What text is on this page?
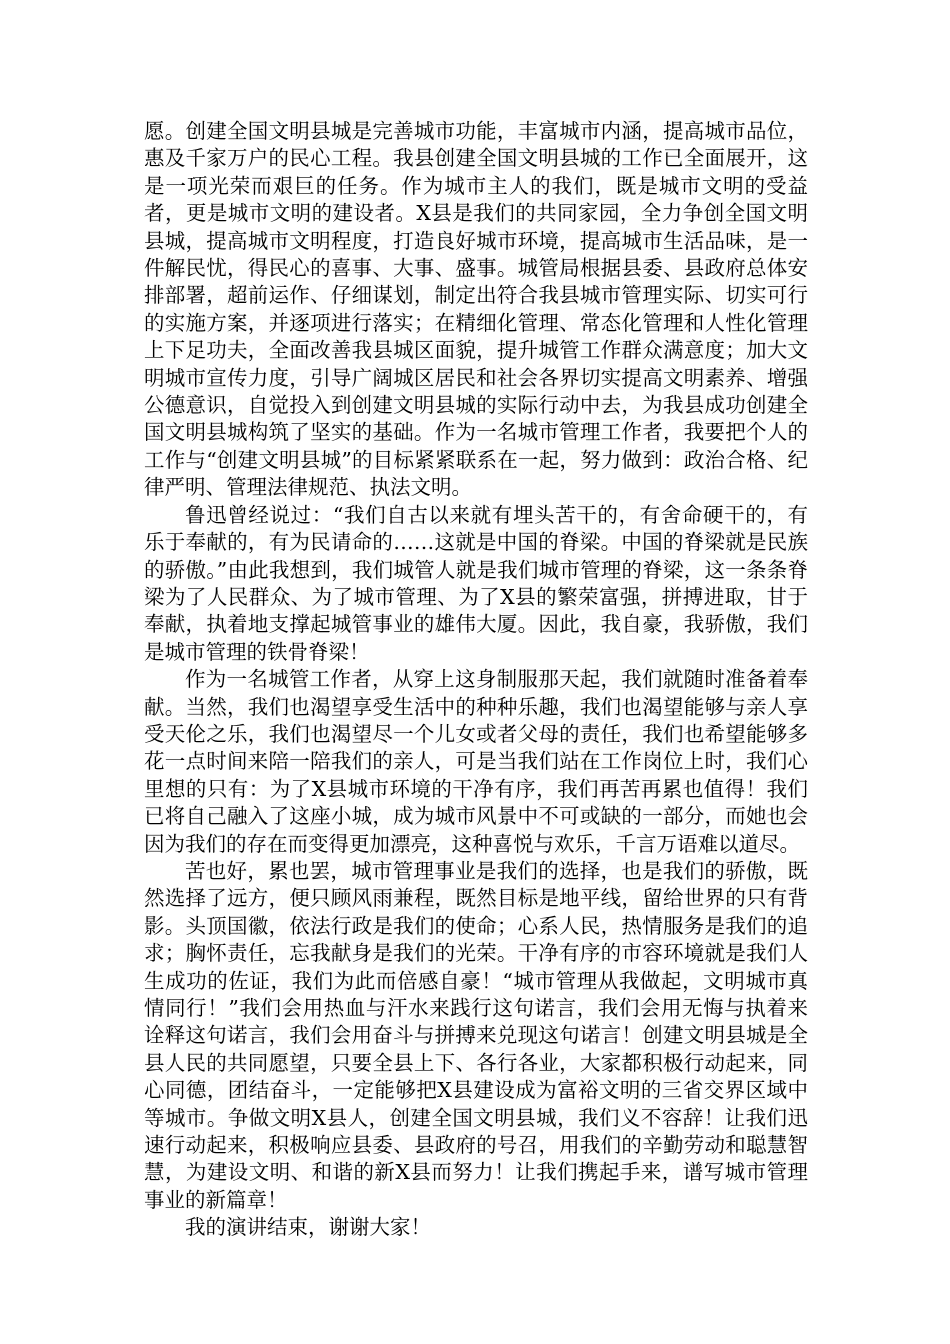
愿。创建全国文明县城是完善城市功能，丰富城市内涵，提高城市品位，惠及千家万户的民心工程。我县创建全国文明县城的工作已全面展开，这是一项光荣而艰巨的任务。作为城市主人的我们，既是城市文明的受益者，更是城市文明的建设者。X县是我们的共同家园，全力争创全国文明县城，提高城市文明程度，打造良好城市环境，提高城市生活品味，是一件解民忧，得民心的喜事、大事、盛事。城管局根据县委、县政府总体安排部署，超前运作、仔细谋划，制定出符合我县城市管理实际、切实可行的实施方案，并逐项进行落实；在精细化管理、常态化管理和人性化管理上下足功夫，全面改善我县城区面貌，提升城管工作群众满意度；加大文明城市宣传力度，引导广阔城区居民和社会各界切实提高文明素养、增强公德意识，自觉投入到创建文明县城的实际行动中去，为我县成功创建全国文明县城构筑了坚实的基础。作为一名城市管理工作者，我要把个人的工作与“创建文明县城”的目标紧紧联系在一起，努力做到：政治合格、纪律严明、管理法律规范、执法文明。

鲁迅曾经说过：“我们自古以来就有埋头苦干的，有舍命硬干的，有乐于奉献的，有为民请命的……这就是中国的脊梁。中国的脊梁就是民族的骄傲。”由此我想到，我们城管人就是我们城市管理的脊梁，这一条条脊梁为了人民群众、为了城市管理、为了X县的繁荣富强，拼搏进取，甘于奉献，执着地支撑起城管事业的雄伟大厦。因此，我自豪，我骄傲，我们是城市管理的铁骨脊梁！

作为一名城管工作者，从穿上这身制服那天起，我们就随时准备着奉献。当然，我们也渴望享受生活中的种种乐趣，我们也渴望能够与亲人享受天伦之乐，我们也渴望尽一个儿女或者父母的责任，我们也希望能够多花一点时间来陪一陪我们的亲人，可是当我们站在工作岗位上时，我们心里想的只有：为了X县城市环境的干净有序，我们再苦再累也值得！我们已将自己融入了这座小城，成为城市风景中不可或缺的一部分，而她也会因为我们的存在而变得更加漂亮，这种喜悦与欢乐，千言万语难以道尽。

苦也好，累也罢，城市管理事业是我们的选择，也是我们的骄傲，既然选择了远方，便只顾风雨兼程，既然目标是地平线，留给世界的只有背影。头顶国徽，依法行政是我们的使命；心系人民，热情服务是我们的追求；胸怀责任，忘我献身是我们的光荣。干净有序的市容环境就是我们人生成功的佐证，我们为此而倍感自豪！“城市管理从我做起，文明城市真情同行！”我们会用热血与汗水来践行这句诺言，我们会用无悔与执着来诠释这句诺言，我们会用奋斗与拼搏来兑现这句诺言！创建文明县城是全县人民的共同愿望，只要全县上下、各行各业，大家都积极行动起来，同心同德，团结奋斗，一定能够把X县建设成为富裕文明的三省交界区域中等城市。争做文明X县人，创建全国文明县城，我们义不容辞！让我们迅速行动起来，积极响应县委、县政府的号召，用我们的辛勤劳动和聪慧智慧，为建设文明、和谐的新X县而努力！让我们携起手来，谱写城市管理事业的新篇章！

我的演讲结束，谢谢大家！
